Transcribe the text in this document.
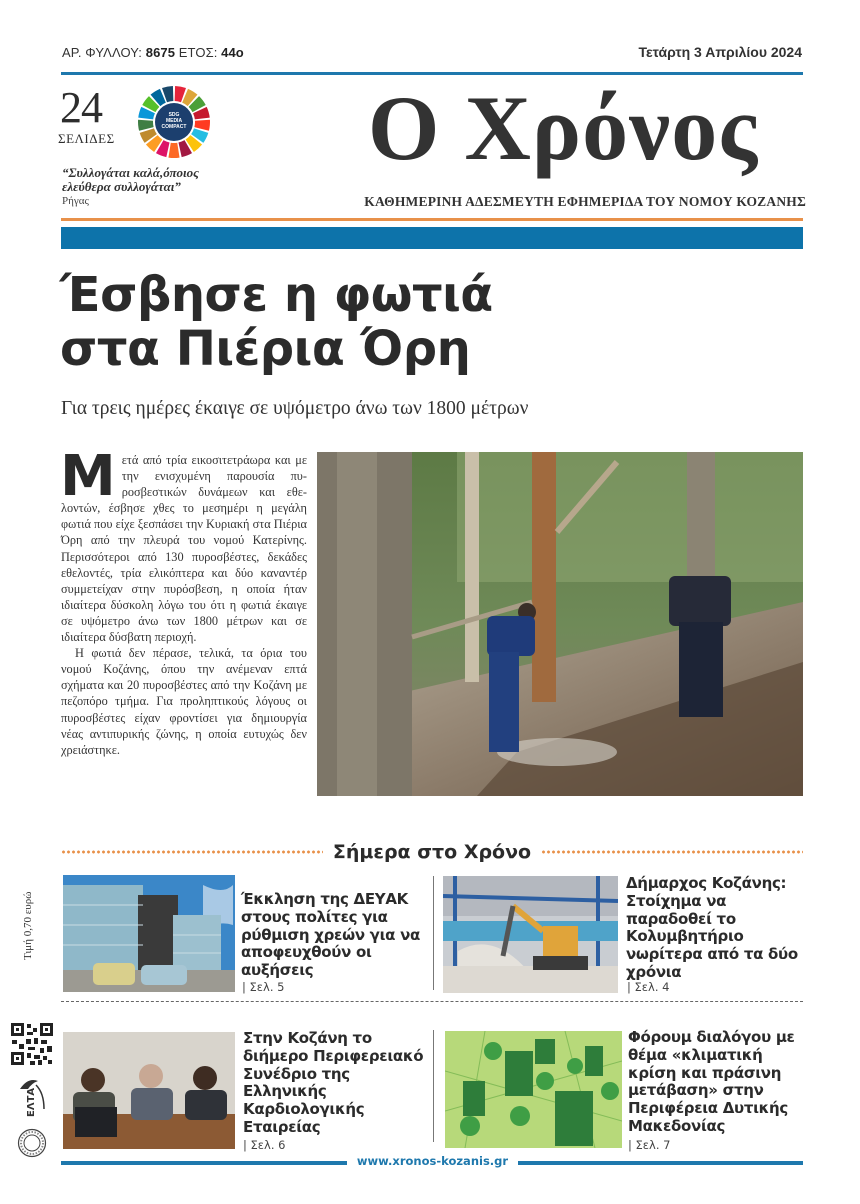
ΑΡ. ΦΥΛΛΟΥ: 8675 ΕΤΟΣ: 44ο	Τετάρτη 3 Απριλίου 2024
24
ΣΕΛΙΔΕΣ
SDG
MEDIA
COMPACT
“Συλλογάται καλά,όποιος
ελεύθερα συλλογάται”
Ρήγας
Ο Χρόνος
ΚΑΘΗΜΕΡΙΝΗ ΑΔΕΣΜΕΥΤΗ ΕΦΗΜΕΡΙΔΑ ΤΟΥ ΝΟΜΟΥ ΚΟΖΑΝΗΣ
Έσβησε η φωτιά
στα Πιέρια Όρη
Για τρεις ημέρες έκαιγε σε υψόμετρο άνω των 1800 μέτρων

Μετά από τρία εικοσιτετράωρα και με την ενισχυμένη παρουσία πυροσβεστικών δυνάμεων και εθελοντών, έσβησε χθες το μεσημέρι η μεγάλη φωτιά που είχε ξεσπάσει την Κυριακή στα Πιέρια Όρη από την πλευρά του νομού Κατερίνης. Περισσότεροι από 130 πυροσβέστες, δεκάδες εθελοντές, τρία ελικόπτερα και δύο καναντέρ συμμετείχαν στην πυρόσβεση, η οποία ήταν ιδιαίτερα δύσκολη λόγω του ότι η φωτιά έκαιγε σε υψόμετρο άνω των 1800 μέτρων και σε ιδιαίτερα δύσβατη περιοχή.

Η φωτιά δεν πέρασε, τελικά, τα όρια του νομού Κοζάνης, όπου την ανέμεναν επτά σχήματα και 20 πυροσβέστες από την Κοζάνη με πεζοπόρο τμήμα. Για προληπτικούς λόγους οι πυροσβέστες είχαν φροντίσει για δημιουργία νέας αντιπυρικής ζώνης, η οποία ευτυχώς δεν χρειάστηκε.

Σήμερα στο Χρόνο
Έκκληση της ΔΕΥΑΚ στους πολίτες για ρύθμιση χρεών για να αποφευχθούν οι αυξήσεις
| Σελ. 5
Δήμαρχος Κοζάνης: Στοίχημα να παραδοθεί το Κολυμβητήριο νωρίτερα από τα δύο χρόνια
| Σελ. 4
Στην Κοζάνη το διήμερο Περιφερειακό Συνέδριο της Ελληνικής Καρδιολογικής Εταιρείας
| Σελ. 6
Φόρουμ διαλόγου με θέμα «κλιματική κρίση και πράσινη μετάβαση» στην Περιφέρεια Δυτικής Μακεδονίας
| Σελ. 7
Τιμή 0,70 ευρώ
ΕΛΤΑ
www.xronos-kozanis.gr
